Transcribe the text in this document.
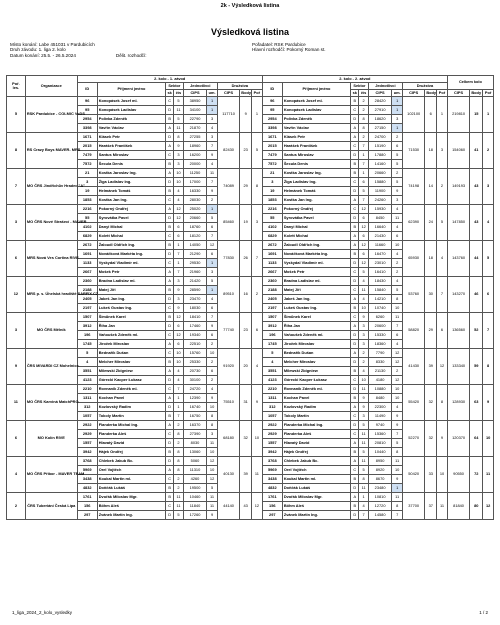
2k - Výsledková listina
Výsledková listina
Místo konání: Labe 451031 v Pardubicích
Druh závodu: 1. liga 2. kolo
Datum konání: 25.5. - 26.5.2024	Dělit. rozhodčí:
Pořadatel: RSK Pardubice
Hlavní rozhodčí: Pokorný Roman st.
Poř.
les.	Organizace	2. kolo - 1. závod									2. kolo - 2. závod									Celkem kolo		
		ID	Příjmení jméno	Sektor		Jednotlivci		Družstva			ID	Příjmení jméno	Sektor		Jednotlivci		Družstva					
				sk	čís	CIPS	um.	CIPS	Body	Poř			sk	čís	CIPS	um.	CIPS	Body	Poř	CIPS	Body	Poř
5	RSK Pardubice - COLMIC VoDS	96	Konopásek Josef ml.	C	5	38950	1	117710	9	1	96	Konopásek Josef ml.	B	2	28420	1	102100	6	1	219810	15	1
		95	Konopásek Ladislav	D	11	34100	1				95	Konopásek Ladislav	C	2	27910	1						
		2954	Polívka Zdeněk	B	5	22790	3				2954	Polívka Zdeněk	D	8	18620	3						
		3398	Vavřín Václav	A	11	21870	4				3398	Vavřín Václav	A	8	27150	1						
8	RS Crazy Boys MAVER- MRS	1671	Klásek Petr	D	8	27255	3	82430	23	5	1671	Klásek Petr	A	2	24700	2	71530	18	3	154060	41	2
		2015	Harášek František	A	9	18960	7				2015	Harášek František	C	7	15190	6						
		7479	Santus Miroslav	C	3	16200	9				7479	Santus Miroslav	D	1	17880	5						
		7572	Šecula Denis	B	3	20000	4				7572	Šecula Denis	B	7	14160	5						
7	MO ČRS Jindřichův Hradec "A"	21	Kostka Jaroslav Ing.	A	10	11250	11	74089	29	8	21	Kostka Jaroslav Ing.	B	1	20660	2	74198	14	2	149193	43	3
		3	Žiga Ladislav Ing.	D	10	17000	7				3	Žiga Ladislav Ing.	C	6	15880	5						
		19	Helmánek Tomáš	B	4	16330	9				19	Helmánek Tomáš	D	5	11900	9						
		1853	Kostka Jan Ing.	C	4	28030	2				1853	Kostka Jan Ing.	A	7	24260	3						
3	MO ČRS Nové Strašecí - MAVER	2216	Pokorný Ondřej	A	12	25020	1	85460	19	3	2216	Pokorný Ondřej	C	12	15930	4	62390	24	5	147850	43	4
		55	Syrovátka Pavel	D	12	20660	5				55	Syrovátka Pavel	D	6	8450	11						
		4102	Danyi Michal	B	6	18760	6				4102	Danyi Michal	B	12	16640	4						
		6829	Kolett Michal	C	6	18120	7				6829	Kolett Michal	A	6	21430	6						
6	MRS Nová Ves Cortina RIVE	2672	Žaloudl Oldřich Ing.	B	1	14050	12	77830	26	7	2672	Žaloudl Oldřich Ing.	A	12	11660	10	65930	18	4	143760	44	5
		1691	Nováčková Markéta Ing.	D	7	21290	6				1691	Nováčková Markéta Ing.	B	6	16470	4						
		1133	Vyskydal Vladimír ml.	C	1	29530	1				1133	Vyskydal Vladimír ml.	D	12	23010	2						
		2667	Mošek Petr	A	7	21960	3				2667	Mošek Petr	C	5	16410	2						
12	MRS p. s. Úhelská hradiště SARFIX.CZ	2360	Bradna Ladislav ml.	A	3	21420	5	89510	16	2	2360	Bradna Ladislav ml.	D	4	18430	4	53760	30	7	143270	46	6
		2188	Matej Jiří	B	9	28590	1				2188	Matej Jiří	C	11	15840	5						
		2405	Jakeš Jan Ing.	D	3	23470	4				2405	Jakeš Jan Ing.	A	4	14210	8						
		2197	Lukeš Gustav Ing.	C	9	18030	6				2197	Lukeš Gustav Ing.	B	10	10740	10						
3	MO ČRS Mělník	1507	Šimůnek Karel	B	12	18410	7	77740	23	6	1507	Šimůnek Karel	C	9	6260	11	58820	29	6	136560	52	7
		3912	Říha Jan	D	6	17460	9				3912	Říha Jan	A	3	20600	7						
		196	Vaňoušek Zdeněk ml.	C	12	19340	6				196	Vaňoušek Zdeněk ml.	D	3	15330	6						
		1745	Jiroček Miroslav	A	6	22510	2				1745	Jiroček Miroslav	D	3	18360	4						
9	ČRS MIVARDI CZ Mohelnice	5	Bednařík Dušan	C	10	15760	10	91920	20	4	5	Bednařík Dušan	A	2	7790	12	41430	39	12	133340	59	8
		4	Melcher Miroslav	B	10	25330	2				4	Melcher Miroslav	D	2	8330	12						
		3551	Milewski Zbigniew	A	4	20730	6				3551	Milewski Zbigniew	B	4	21130	2						
		4123	Górecki Kacper Łukasz	D	4	30100	2				4123	Górecki Kacper Łukasz	C	10	4180	12						
11	MO ČRS Karviná MatchPRO	2210	Rovnanik Zdeněk ml.	C	7	24720	4	75510	31	9	2210	Rovnanik Zdeněk ml.	D	11	10880	10	55420	32	8	128930	63	9
		1311	Kochan Pavel	A	1	12390	9				1311	Kochan Pavel	B	9	8480	10						
		312	Kozlovský Radim	D	1	16740	10				312	Kozlovský Radim	A	9	22300	4						
		1057	Tokoly Martin	B	7	16750	8				1057	Tokoly Martin	C	3	11490	9						
6	MO Kolín RIVE	2922	Flanderka Michal Ing.	A	2	16370	8	68180	32	10	2922	Flanderka Michal Ing.	D	5	9740	9	52270	32	9	120370	64	10
		2929	Flanderka Aleš	C	8	27390	3				2929	Flanderka Aleš	C	11	15360	7						
		1557	Hlavatý David	D	2	8030	11				1557	Hlavatý David	A	11	20810	5						
		3942	Hájek Ondřej	B	8	13060	10				3942	Hájek Ondřej	B	5	10440	8						
4	MO ČRS Příbor - MAVER TEAM	3768	Chlebek Jakub Bc.	D	8	5060	12	40130	39	11	3768	Chlebek Jakub Bc.	A	11	8950	11	50420	33	10	90550	72	11
		5969	Orel Vojtěch	A	8	11310	10				5969	Orel Vojtěch	C	5	8920	10						
		3438	Koukal Martin ml.	C	2	4260	12				3438	Koukal Martin ml.	B	8	8670	9						
		4832	Doňčák Lukáš	B	2	19500	5				4832	Doňčák Lukáš	D	11	23480	1						
2	ČRS Tuberiání Česká Lípa	1761	Dvořák Miloslav Mgr.	B	11	10460	11	44140	43	12	1761	Dvořák Miloslav Mgr.	A	1	10810	11	37700	37	11	81840	80	12
		156	Böhm Aleš	C	11	11840	11				156	Böhm Aleš	B	4	12720	8						
		297	Zvánek Martin Ing.	D	5	17260	9				297	Zvánek Martin Ing.	D	7	14580	7						
1_liga_2024_2_kolo_vysledky	1 / 2
